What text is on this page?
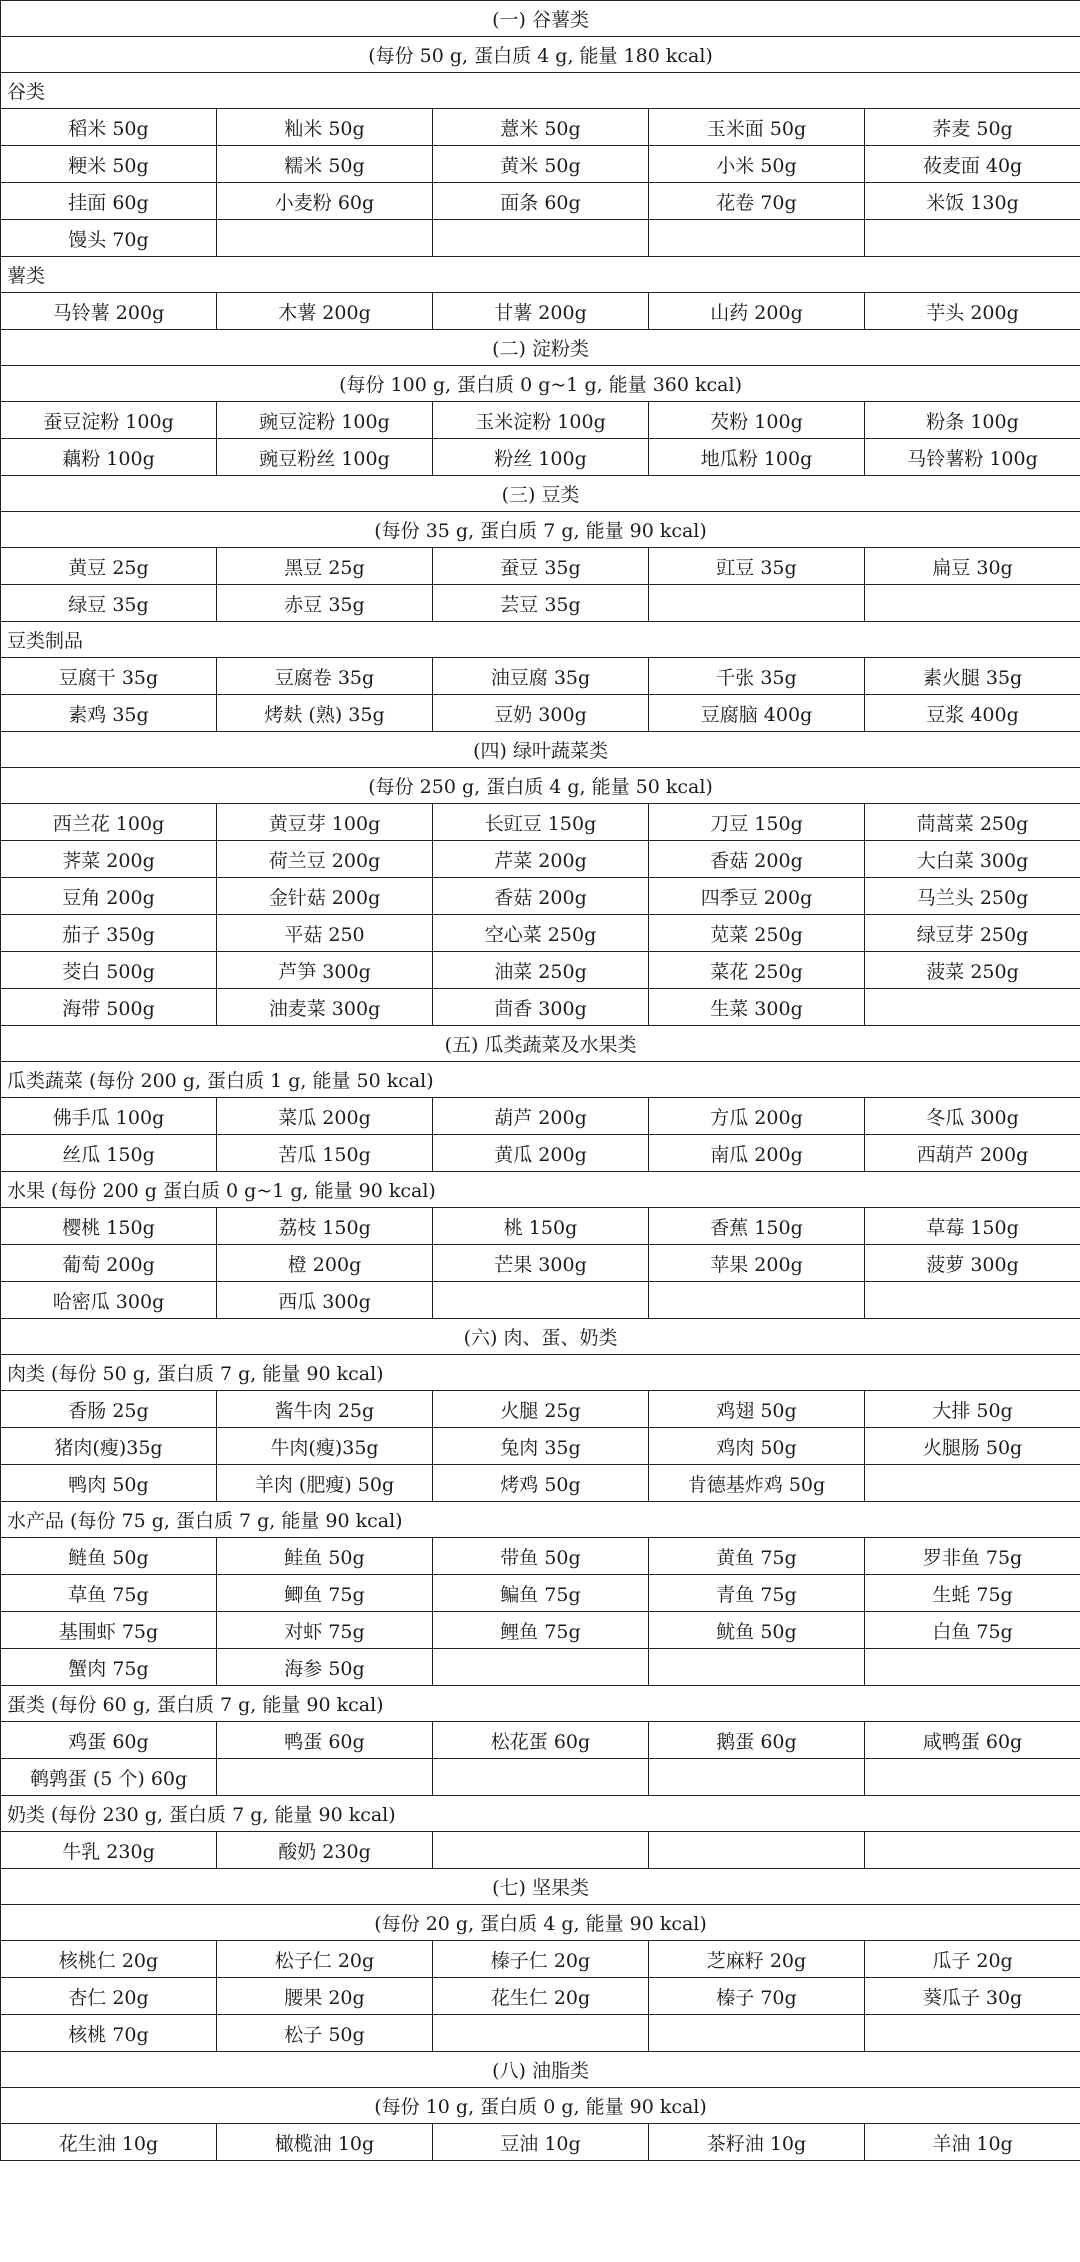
(一) 谷薯类				
(每份 50 g, 蛋白质 4 g, 能量 180 kcal)				
谷类				
稻米 50g	籼米 50g	薏米 50g	玉米面 50g	荞麦 50g
粳米 50g	糯米 50g	黄米 50g	小米 50g	莜麦面 40g
挂面 60g	小麦粉 60g	面条 60g	花卷 70g	米饭 130g
馒头 70g				
薯类				
马铃薯 200g	木薯 200g	甘薯 200g	山药 200g	芋头 200g
(二) 淀粉类				
(每份 100 g, 蛋白质 0 g~1 g, 能量 360 kcal)				
蚕豆淀粉 100g	豌豆淀粉 100g	玉米淀粉 100g	芡粉 100g	粉条 100g
藕粉 100g	豌豆粉丝 100g	粉丝 100g	地瓜粉 100g	马铃薯粉 100g
(三) 豆类				
(每份 35 g, 蛋白质 7 g, 能量 90 kcal)				
黄豆 25g	黑豆 25g	蚕豆 35g	豇豆 35g	扁豆 30g
绿豆 35g	赤豆 35g	芸豆 35g		
豆类制品				
豆腐干 35g	豆腐卷 35g	油豆腐 35g	千张 35g	素火腿 35g
素鸡 35g	烤麸 (熟) 35g	豆奶 300g	豆腐脑 400g	豆浆 400g
(四) 绿叶蔬菜类				
(每份 250 g, 蛋白质 4 g, 能量 50 kcal)				
西兰花 100g	黄豆芽 100g	长豇豆 150g	刀豆 150g	茼蒿菜 250g
荠菜 200g	荷兰豆 200g	芹菜 200g	香菇 200g	大白菜 300g
豆角 200g	金针菇 200g	香菇 200g	四季豆 200g	马兰头 250g
茄子 350g	平菇 250	空心菜 250g	苋菜 250g	绿豆芽 250g
茭白 500g	芦笋 300g	油菜 250g	菜花 250g	菠菜 250g
海带 500g	油麦菜 300g	茴香 300g	生菜 300g	
(五) 瓜类蔬菜及水果类				
瓜类蔬菜 (每份 200 g, 蛋白质 1 g, 能量 50 kcal)				
佛手瓜 100g	菜瓜 200g	葫芦 200g	方瓜 200g	冬瓜 300g
丝瓜 150g	苦瓜 150g	黄瓜 200g	南瓜 200g	西葫芦 200g
水果 (每份 200 g 蛋白质 0 g~1 g, 能量 90 kcal)				
樱桃 150g	荔枝 150g	桃 150g	香蕉 150g	草莓 150g
葡萄 200g	橙 200g	芒果 300g	苹果 200g	菠萝 300g
哈密瓜 300g	西瓜 300g			
(六) 肉、蛋、奶类				
肉类 (每份 50 g, 蛋白质 7 g, 能量 90 kcal)				
香肠 25g	酱牛肉 25g	火腿 25g	鸡翅 50g	大排 50g
猪肉(瘦)35g	牛肉(瘦)35g	兔肉 35g	鸡肉 50g	火腿肠 50g
鸭肉 50g	羊肉 (肥瘦) 50g	烤鸡 50g	肯德基炸鸡 50g	
水产品 (每份 75 g, 蛋白质 7 g, 能量 90 kcal)				
鲢鱼 50g	鲑鱼 50g	带鱼 50g	黄鱼 75g	罗非鱼 75g
草鱼 75g	鲫鱼 75g	鳊鱼 75g	青鱼 75g	生蚝 75g
基围虾 75g	对虾 75g	鲤鱼 75g	鱿鱼 50g	白鱼 75g
蟹肉 75g	海参 50g			
蛋类 (每份 60 g, 蛋白质 7 g, 能量 90 kcal)				
鸡蛋 60g	鸭蛋 60g	松花蛋 60g	鹅蛋 60g	咸鸭蛋 60g
鹌鹑蛋 (5 个) 60g				
奶类 (每份 230 g, 蛋白质 7 g, 能量 90 kcal)				
牛乳 230g	酸奶 230g			
(七) 坚果类				
(每份 20 g, 蛋白质 4 g, 能量 90 kcal)				
核桃仁 20g	松子仁 20g	榛子仁 20g	芝麻籽 20g	瓜子 20g
杏仁 20g	腰果 20g	花生仁 20g	榛子 70g	葵瓜子 30g
核桃 70g	松子 50g			
(八) 油脂类				
(每份 10 g, 蛋白质 0 g, 能量 90 kcal)				
花生油 10g	橄榄油 10g	豆油 10g	茶籽油 10g	羊油 10g
